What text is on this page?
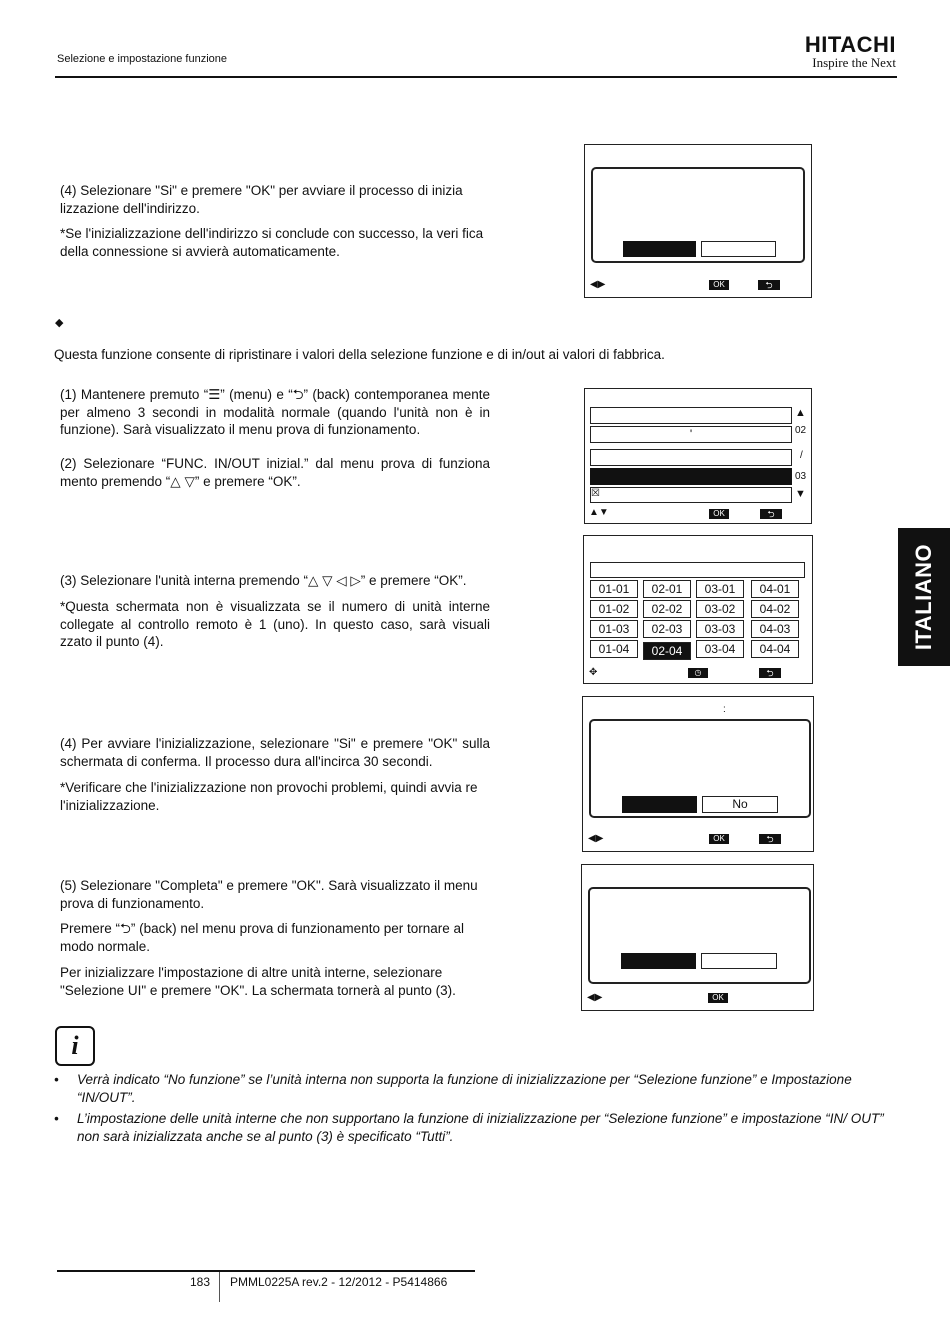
Selezione e impostazione funzione
HITACHI
Inspire the Next
(4) Selezionare "Si" e premere "OK" per avviare il processo di inizia lizzazione dell'indirizzo.
*Se l'inizializzazione dell'indirizzo si conclude con successo, la veri fica della connessione si avvierà automaticamente.
◀▶	OK	⮌
◆
Questa funzione consente di ripristinare i valori della selezione funzione e di in/out ai valori di fabbrica.
(1) Mantenere premuto “☰” (menu) e “⮌” (back) contemporanea mente per almeno 3 secondi in modalità normale (quando l'unità non è in funzione). Sarà visualizzato il menu prova di funzionamento.
(2) Selezionare “FUNC. IN/OUT inizial.” dal menu prova di funziona mento premendo “△ ▽” e premere “OK”.
'
☒
▲
02
/
03
▼
▲▼	OK	⮌
(3) Selezionare l'unità interna premendo “△ ▽ ◁ ▷” e premere “OK”.
*Questa schermata non è visualizzata se il numero di unità interne collegate al controllo remoto è 1 (uno). In questo caso, sarà visuali zzato il punto (4).
01-01	02-01	03-01	04-01
01-02	02-02	03-02	04-02
01-03	02-03	03-03	04-03
01-04	02-04	03-04	04-04
✥	◷	⮌
(4) Per avviare l'inizializzazione, selezionare "Si" e premere "OK" sulla schermata di conferma. Il processo dura all'incirca 30 secondi.
*Verificare che l'inizializzazione non provochi problemi, quindi avvia re l'inizializzazione.
:
No
◀▶	OK	⮌
(5) Selezionare "Completa" e premere "OK". Sarà visualizzato il menu prova di funzionamento.
Premere “⮌” (back) nel menu prova di funzionamento per tornare al modo normale.
Per inizializzare l'impostazione di altre unità interne, selezionare "Selezione UI" e premere "OK". La schermata tornerà al punto (3).	◀▶	OK
ITALIANO
i
• Verrà indicato “No funzione” se l’unità interna non supporta la funzione di inizializzazione per “Selezione funzione” e Impostazione “IN/OUT”.
• L’impostazione delle unità interne che non supportano la funzione di inizializzazione per “Selezione funzione” e impostazione “IN/ OUT” non sarà inizializzata anche se al punto (3) è specificato “Tutti”.
183 PMML0225A rev.2 - 12/2012 - P5414866
